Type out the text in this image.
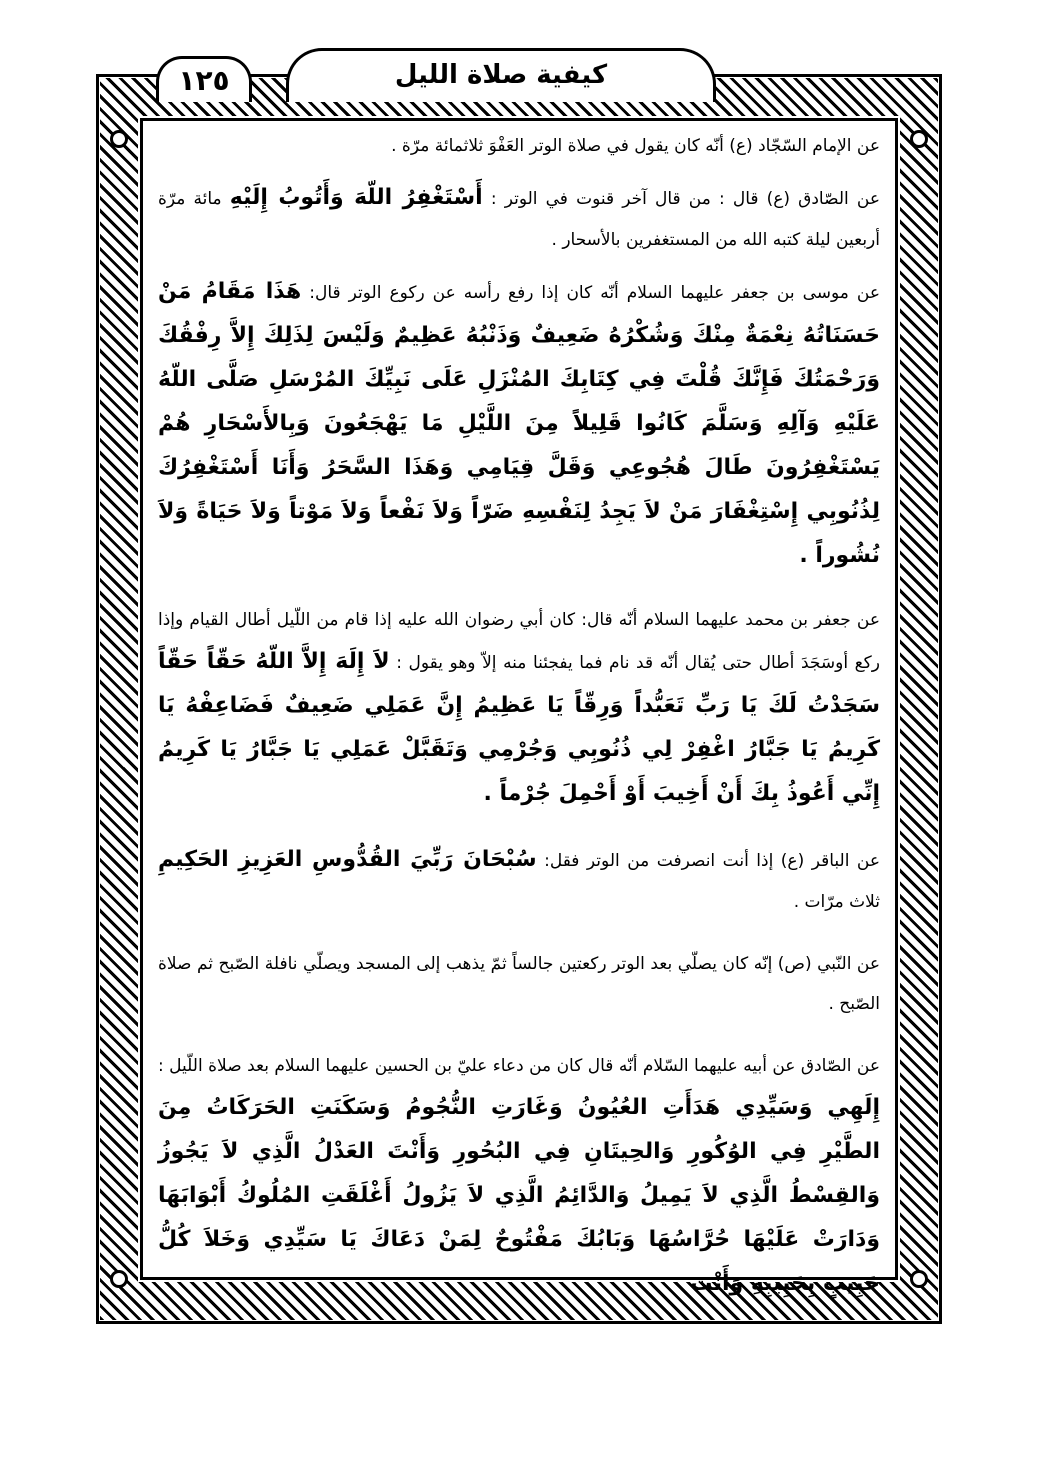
كيفية صلاة الليل
١٢٥

عن الإمام السّجّاد (ع) أنّه كان يقول في صلاة الوتر العَفْوَ ثلاثمائة مرّة .

عن الصّادق (ع) قال : من قال آخر قنوت في الوتر : أَسْتَغْفِرُ اللّهَ وَأَتُوبُ إِلَيْهِ مائة مرّة أربعين ليلة كتبه الله من المستغفرين بالأسحار .

عن موسى بن جعفر عليهما السلام أنّه كان إذا رفع رأسه عن ركوع الوتر قال: هَذَا مَقَامُ مَنْ حَسَنَاتُهُ نِعْمَةٌ مِنْكَ وَشُكْرُهُ ضَعِيفٌ وَذَنْبُهُ عَظِيمٌ وَلَيْسَ لِذَلِكَ إِلاَّ رِفْقُكَ وَرَحْمَتُكَ فَإِنَّكَ قُلْتَ فِي كِتَابِكَ المُنْزَلِ عَلَى نَبِيِّكَ المُرْسَلِ صَلَّى اللّهُ عَلَيْهِ وَآلِهِ وَسَلَّمَ كَانُوا قَلِيلاً مِنَ اللَّيْلِ مَا يَهْجَعُونَ وَبِالأَسْحَارِ هُمْ يَسْتَغْفِرُونَ طَالَ هُجُوعِي وَقَلَّ قِيَامِي وَهَذَا السَّحَرُ وَأَنَا أَسْتَغْفِرُكَ لِذُنُوبِي إِسْتِغْفَارَ مَنْ لاَ يَجِدُ لِنَفْسِهِ ضَرّاً وَلاَ نَفْعاً وَلاَ مَوْتاً وَلاَ حَيَاةً وَلاَ نُشُوراً .

عن جعفر بن محمد عليهما السلام أنّه قال: كان أبي رضوان الله عليه إذا قام من اللّيل أطال القيام وإذا ركع أوسَجَدَ أطال حتى يُقال أنّه قد نام فما يفجئنا منه إلاّ وهو يقول : لاَ إِلَهَ إِلاَّ اللّهُ حَقّاً حَقّاً سَجَدْتُ لَكَ يَا رَبِّ تَعَبُّداً وَرِقّاً يَا عَظِيمُ إِنَّ عَمَلِي ضَعِيفٌ فَضَاعِفْهُ يَا كَرِيمُ يَا جَبَّارُ اغْفِرْ لِي ذُنُوبِي وَجُرْمِي وَتَقَبَّلْ عَمَلِي يَا جَبَّارُ يَا كَرِيمُ إِنِّي أَعُوذُ بِكَ أَنْ أَخِيبَ أَوْ أَحْمِلَ جُرْماً .

عن الباقر (ع) إذا أنت انصرفت من الوتر فقل: سُبْحَانَ رَبِّيَ القُدُّوسِ العَزِيزِ الحَكِيمِ ثلاث مرّات .

عن النّبي (ص) إنّه كان يصلّي بعد الوتر ركعتين جالساً ثمّ يذهب إلى المسجد ويصلّي نافلة الصّبح ثم صلاة الصّبح .

عن الصّادق عن أبيه عليهما السّلام أنّه قال كان من دعاء عليّ بن الحسين عليهما السلام بعد صلاة اللّيل : إِلَهِي وَسَيِّدِي هَدَأَتِ العُيُونُ وَغَارَتِ النُّجُومُ وَسَكَنَتِ الحَرَكَاتُ مِنَ الطَّيْرِ فِي الوُكُورِ وَالحِيتَانِ فِي البُحُورِ وَأَنْتَ العَدْلُ الَّذِي لاَ يَجُوزُ وَالقِسْطُ الَّذِي لاَ يَمِيلُ وَالدَّائِمُ الَّذِي لاَ يَزُولُ أَغْلَقَتِ المُلُوكُ أَبْوَابَهَا وَدَارَتْ عَلَيْهَا حُرَّاسُهَا وَبَابُكَ مَفْتُوحٌ لِمَنْ دَعَاكَ يَا سَيِّدِي وَخَلاَ كُلُّ حَبِيبٍ بِحَبِيبِهِ وَأَنْتَ
